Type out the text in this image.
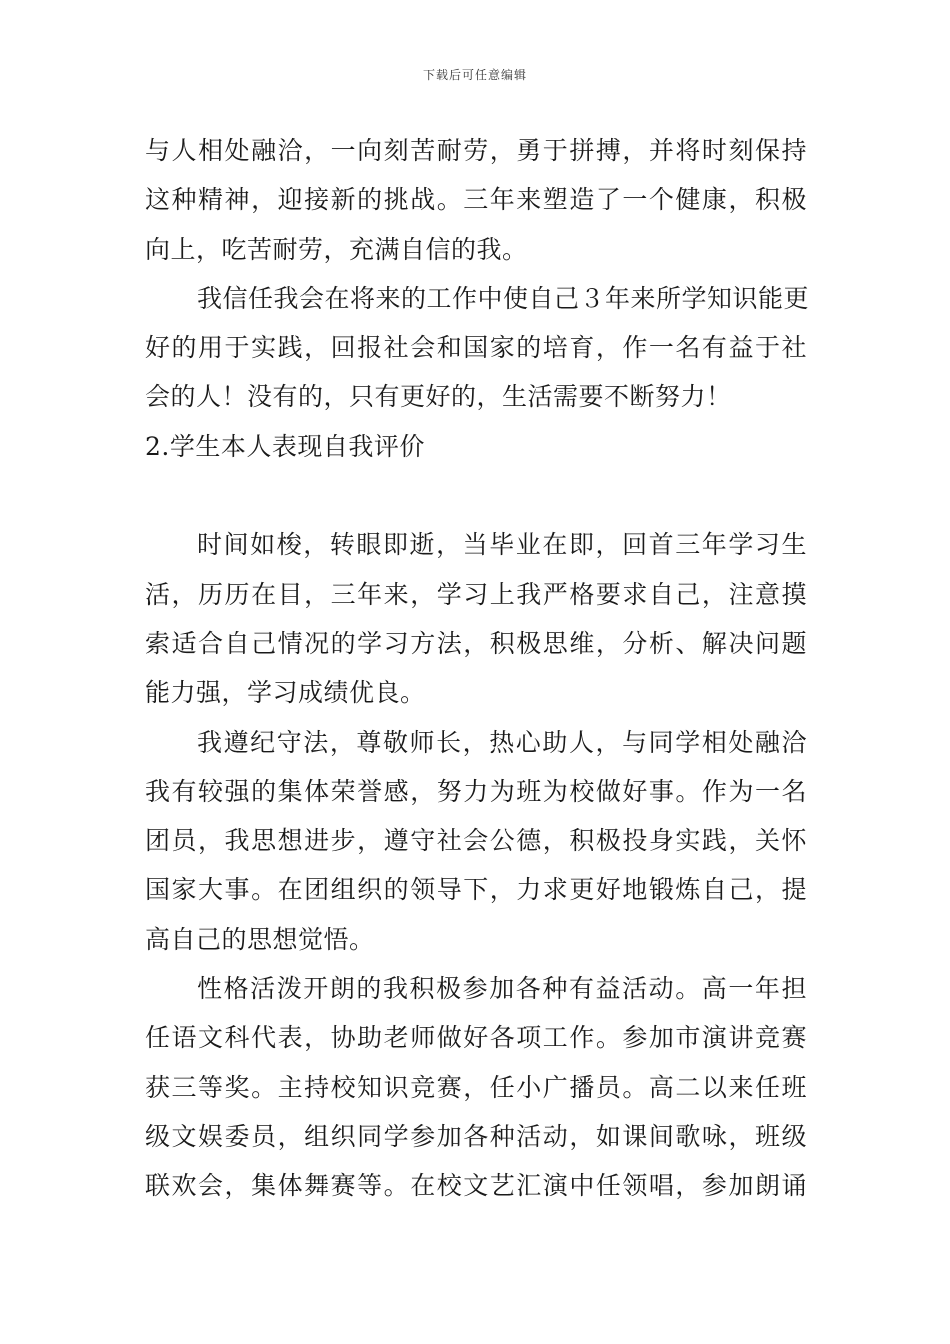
下载后可任意编辑
与人相处融洽，一向刻苦耐劳，勇于拼搏，并将时刻保持
这种精神，迎接新的挑战。三年来塑造了一个健康，积极
向上，吃苦耐劳，充满自信的我。
我信任我会在将来的工作中使自己３年来所学知识能更
好的用于实践，回报社会和国家的培育，作一名有益于社
会的人！没有的，只有更好的，生活需要不断努力！
2.学生本人表现自我评价
时间如梭，转眼即逝，当毕业在即，回首三年学习生
活，历历在目，三年来，学习上我严格要求自己，注意摸
索适合自己情况的学习方法，积极思维，分析、解决问题
能力强，学习成绩优良。
我遵纪守法，尊敬师长，热心助人，与同学相处融洽
我有较强的集体荣誉感，努力为班为校做好事。作为一名
团员，我思想进步，遵守社会公德，积极投身实践，关怀
国家大事。在团组织的领导下，力求更好地锻炼自己，提
高自己的思想觉悟。
性格活泼开朗的我积极参加各种有益活动。高一年担
任语文科代表，协助老师做好各项工作。参加市演讲竞赛
获三等奖。主持校知识竞赛，任小广播员。高二以来任班
级文娱委员，组织同学参加各种活动，如课间歌咏，班级
联欢会，集体舞赛等。在校文艺汇演中任领唱，参加朗诵
